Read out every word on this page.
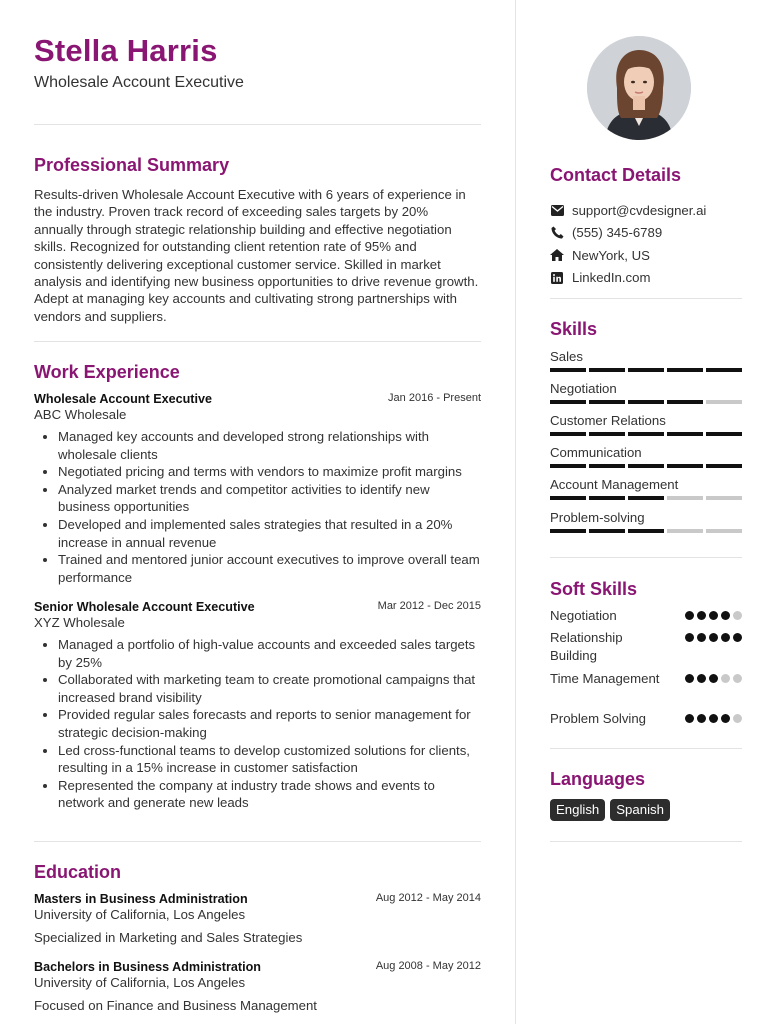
Stella Harris
Wholesale Account Executive
Professional Summary
Results-driven Wholesale Account Executive with 6 years of experience in the industry. Proven track record of exceeding sales targets by 20% annually through strategic relationship building and effective negotiation skills. Recognized for outstanding client retention rate of 95% and consistently delivering exceptional customer service. Skilled in market analysis and identifying new business opportunities to drive revenue growth. Adept at managing key accounts and cultivating strong partnerships with vendors and suppliers.
Work Experience
Wholesale Account Executive	Jan 2016 - Present
ABC Wholesale
Managed key accounts and developed strong relationships with wholesale clients
Negotiated pricing and terms with vendors to maximize profit margins
Analyzed market trends and competitor activities to identify new business opportunities
Developed and implemented sales strategies that resulted in a 20% increase in annual revenue
Trained and mentored junior account executives to improve overall team performance
Senior Wholesale Account Executive	Mar 2012 - Dec 2015
XYZ Wholesale
Managed a portfolio of high-value accounts and exceeded sales targets by 25%
Collaborated with marketing team to create promotional campaigns that increased brand visibility
Provided regular sales forecasts and reports to senior management for strategic decision-making
Led cross-functional teams to develop customized solutions for clients, resulting in a 15% increase in customer satisfaction
Represented the company at industry trade shows and events to network and generate new leads
Education
Masters in Business Administration	Aug 2012 - May 2014
University of California, Los Angeles
Specialized in Marketing and Sales Strategies
Bachelors in Business Administration	Aug 2008 - May 2012
University of California, Los Angeles
Focused on Finance and Business Management
Contact Details
support@cvdesigner.ai
(555) 345-6789
NewYork, US
LinkedIn.com
Skills
Sales
Negotiation
Customer Relations
Communication
Account Management
Problem-solving
Soft Skills
Negotiation
Relationship Building
Time Management
Problem Solving
Languages
English	Spanish
